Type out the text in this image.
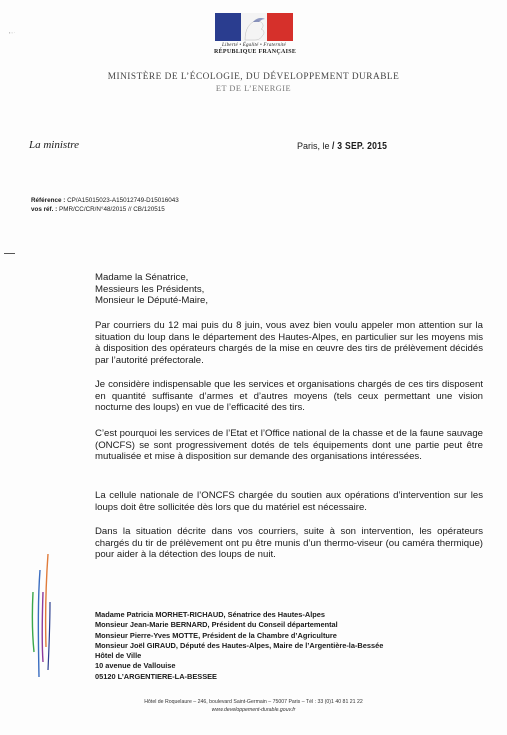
▪ ▫ ·
Liberté • Égalité • Fraternité
RÉPUBLIQUE FRANÇAISE
MINISTÈRE DE L’ÉCOLOGIE, DU DÉVELOPPEMENT DURABLE
ET DE L’ENERGIE
La ministre	Paris, le / 3 SEP. 2015
Référence : CP/A15015023-A15012749-D15016043
vos réf. : PMR/CC/CR/N°48/2015 // CB/120515
Madame la Sénatrice,
Messieurs les Présidents,
Monsieur le Député-Maire,

Par courriers du 12 mai puis du 8 juin, vous avez bien voulu appeler mon attention sur la situation du loup dans le département des Hautes-Alpes, en particulier sur les moyens mis à disposition des opérateurs chargés de la mise en œuvre des tirs de prélèvement décidés par l’autorité préfectorale.

Je considère indispensable que les services et organisations chargés de ces tirs disposent en quantité suffisante d’armes et d’autres moyens (tels ceux permettant une vision nocturne des loups) en vue de l’efficacité des tirs.

C’est pourquoi les services de l’Etat et l’Office national de la chasse et de la faune sauvage (ONCFS) se sont progressivement dotés de tels équipements dont une partie peut être mutualisée et mise à disposition sur demande des organisations intéressées.

La cellule nationale de l’ONCFS chargée du soutien aux opérations d’intervention sur les loups doit être sollicitée dès lors que du matériel est nécessaire.

Dans la situation décrite dans vos courriers, suite à son intervention, les opérateurs chargés du tir de prélèvement ont pu être munis d’un thermo-viseur (ou caméra thermique) pour aider à la détection des loups de nuit.

Madame Patricia MORHET-RICHAUD, Sénatrice des Hautes-Alpes
Monsieur Jean-Marie BERNARD, Président du Conseil départemental
Monsieur Pierre-Yves MOTTE, Président de la Chambre d’Agriculture
Monsieur Joël GIRAUD, Député des Hautes-Alpes, Maire de l’Argentière-la-Bessée
Hôtel de Ville
10 avenue de Vallouise
05120 L’ARGENTIERE-LA-BESSEE
Hôtel de Roquelaure – 246, boulevard Saint-Germain – 75007 Paris – Tél : 33 (0)1 40 81 21 22
www.developpement-durable.gouv.fr
